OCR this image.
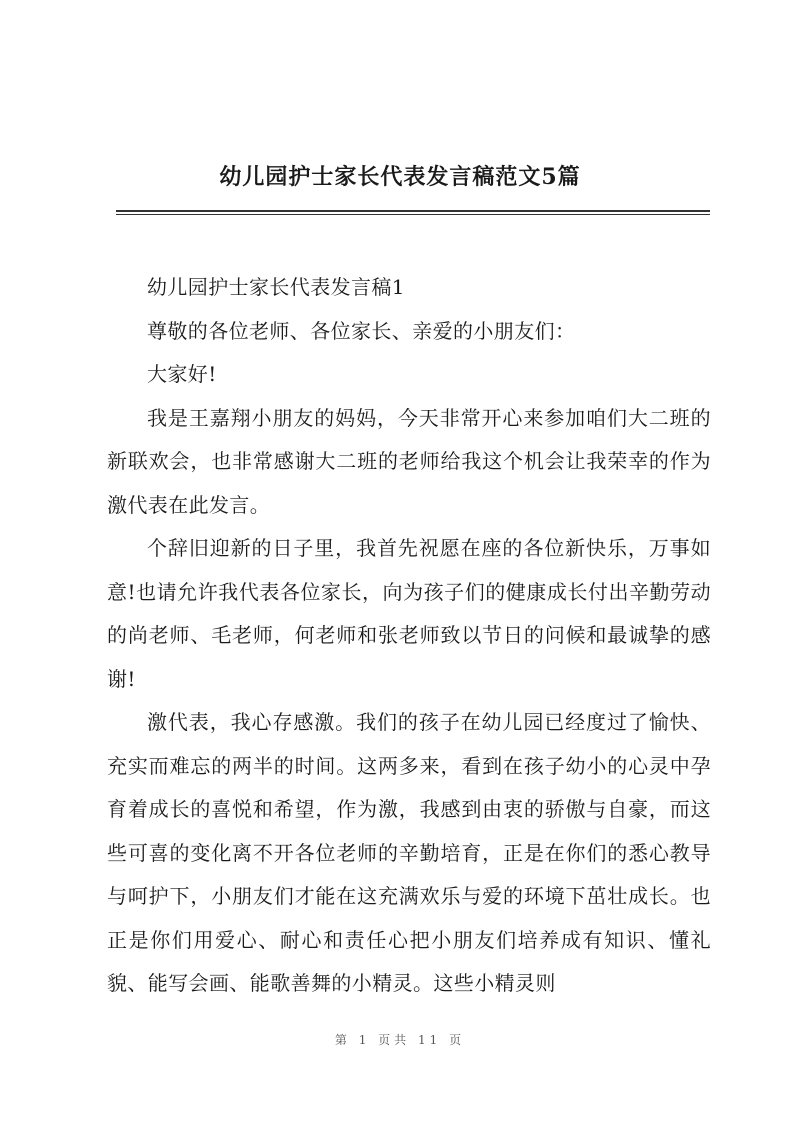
幼儿园护士家长代表发言稿范文5篇

幼儿园护士家长代表发言稿1

尊敬的各位老师、各位家长、亲爱的小朋友们：

大家好!

我是王嘉翔小朋友的妈妈，今天非常开心来参加咱们大二班的新联欢会，也非常感谢大二班的老师给我这个机会让我荣幸的作为激代表在此发言。

个辞旧迎新的日子里，我首先祝愿在座的各位新快乐，万事如意!也请允许我代表各位家长，向为孩子们的健康成长付出辛勤劳动的尚老师、毛老师，何老师和张老师致以节日的问候和最诚挚的感谢!

激代表，我心存感激。我们的孩子在幼儿园已经度过了愉快、充实而难忘的两半的时间。这两多来，看到在孩子幼小的心灵中孕育着成长的喜悦和希望，作为激，我感到由衷的骄傲与自豪，而这些可喜的变化离不开各位老师的辛勤培育，正是在你们的悉心教导与呵护下，小朋友们才能在这充满欢乐与爱的环境下茁壮成长。也正是你们用爱心、耐心和责任心把小朋友们培养成有知识、懂礼貌、能写会画、能歌善舞的小精灵。这些小精灵则

第 1 页共 11 页
